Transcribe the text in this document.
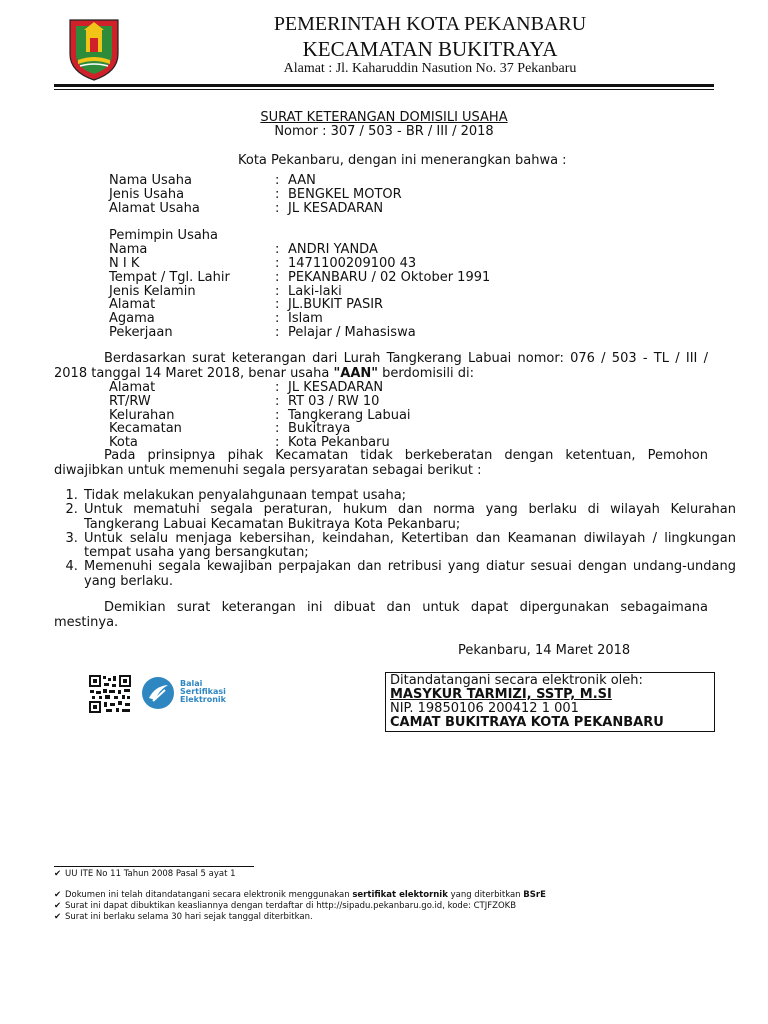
PEMERINTAH KOTA PEKANBARU
KECAMATAN BUKITRAYA
Alamat : Jl. Kaharuddin Nasution No. 37 Pekanbaru
SURAT KETERANGAN DOMISILI USAHA
Nomor : 307 / 503 - BR / III / 2018
Kota Pekanbaru, dengan ini menerangkan bahwa :
Nama Usaha	: AAN
Jenis Usaha	: BENGKEL MOTOR
Alamat Usaha	: JL KESADARAN
Pemimpin Usaha
Nama	: ANDRI YANDA
N I K	: 1471100209100 43
Tempat / Tgl. Lahir	: PEKANBARU / 02 Oktober 1991
Jenis Kelamin	: Laki-laki
Alamat	: JL.BUKIT PASIR
Agama	: Islam
Pekerjaan	: Pelajar / Mahasiswa
Berdasarkan surat keterangan dari Lurah Tangkerang Labuai nomor: 076 / 503 - TL / III / 2018 tanggal 14 Maret 2018, benar usaha "AAN" berdomisili di:
Alamat	: JL KESADARAN
RT/RW	: RT 03 / RW 10
Kelurahan	: Tangkerang Labuai
Kecamatan	: Bukitraya
Kota	: Kota Pekanbaru
Pada prinsipnya pihak Kecamatan tidak berkeberatan dengan ketentuan, Pemohon diwajibkan untuk memenuhi segala persyaratan sebagai berikut :
1. Tidak melakukan penyalahgunaan tempat usaha;
2. Untuk mematuhi segala peraturan, hukum dan norma yang berlaku di wilayah Kelurahan Tangkerang Labuai Kecamatan Bukitraya Kota Pekanbaru;
3. Untuk selalu menjaga kebersihan, keindahan, Ketertiban dan Keamanan diwilayah / lingkungan tempat usaha yang bersangkutan;
4. Memenuhi segala kewajiban perpajakan dan retribusi yang diatur sesuai dengan undang-undang yang berlaku.
Demikian surat keterangan ini dibuat dan untuk dapat dipergunakan sebagaimana mestinya.
Pekanbaru, 14 Maret 2018
Balai
Sertifikasi
Elektronik
Ditandatangani secara elektronik oleh:
MASYKUR TARMIZI, SSTP, M.SI
NIP. 19850106 200412 1 001
CAMAT BUKITRAYA KOTA PEKANBARU
✔ UU ITE No 11 Tahun 2008 Pasal 5 ayat 1
✔ Dokumen ini telah ditandatangani secara elektronik menggunakan sertifikat elektornik yang diterbitkan BSrE
✔ Surat ini dapat dibuktikan keasliannya dengan terdaftar di http://sipadu.pekanbaru.go.id, kode: CTJFZOKB
✔ Surat ini berlaku selama 30 hari sejak tanggal diterbitkan.
